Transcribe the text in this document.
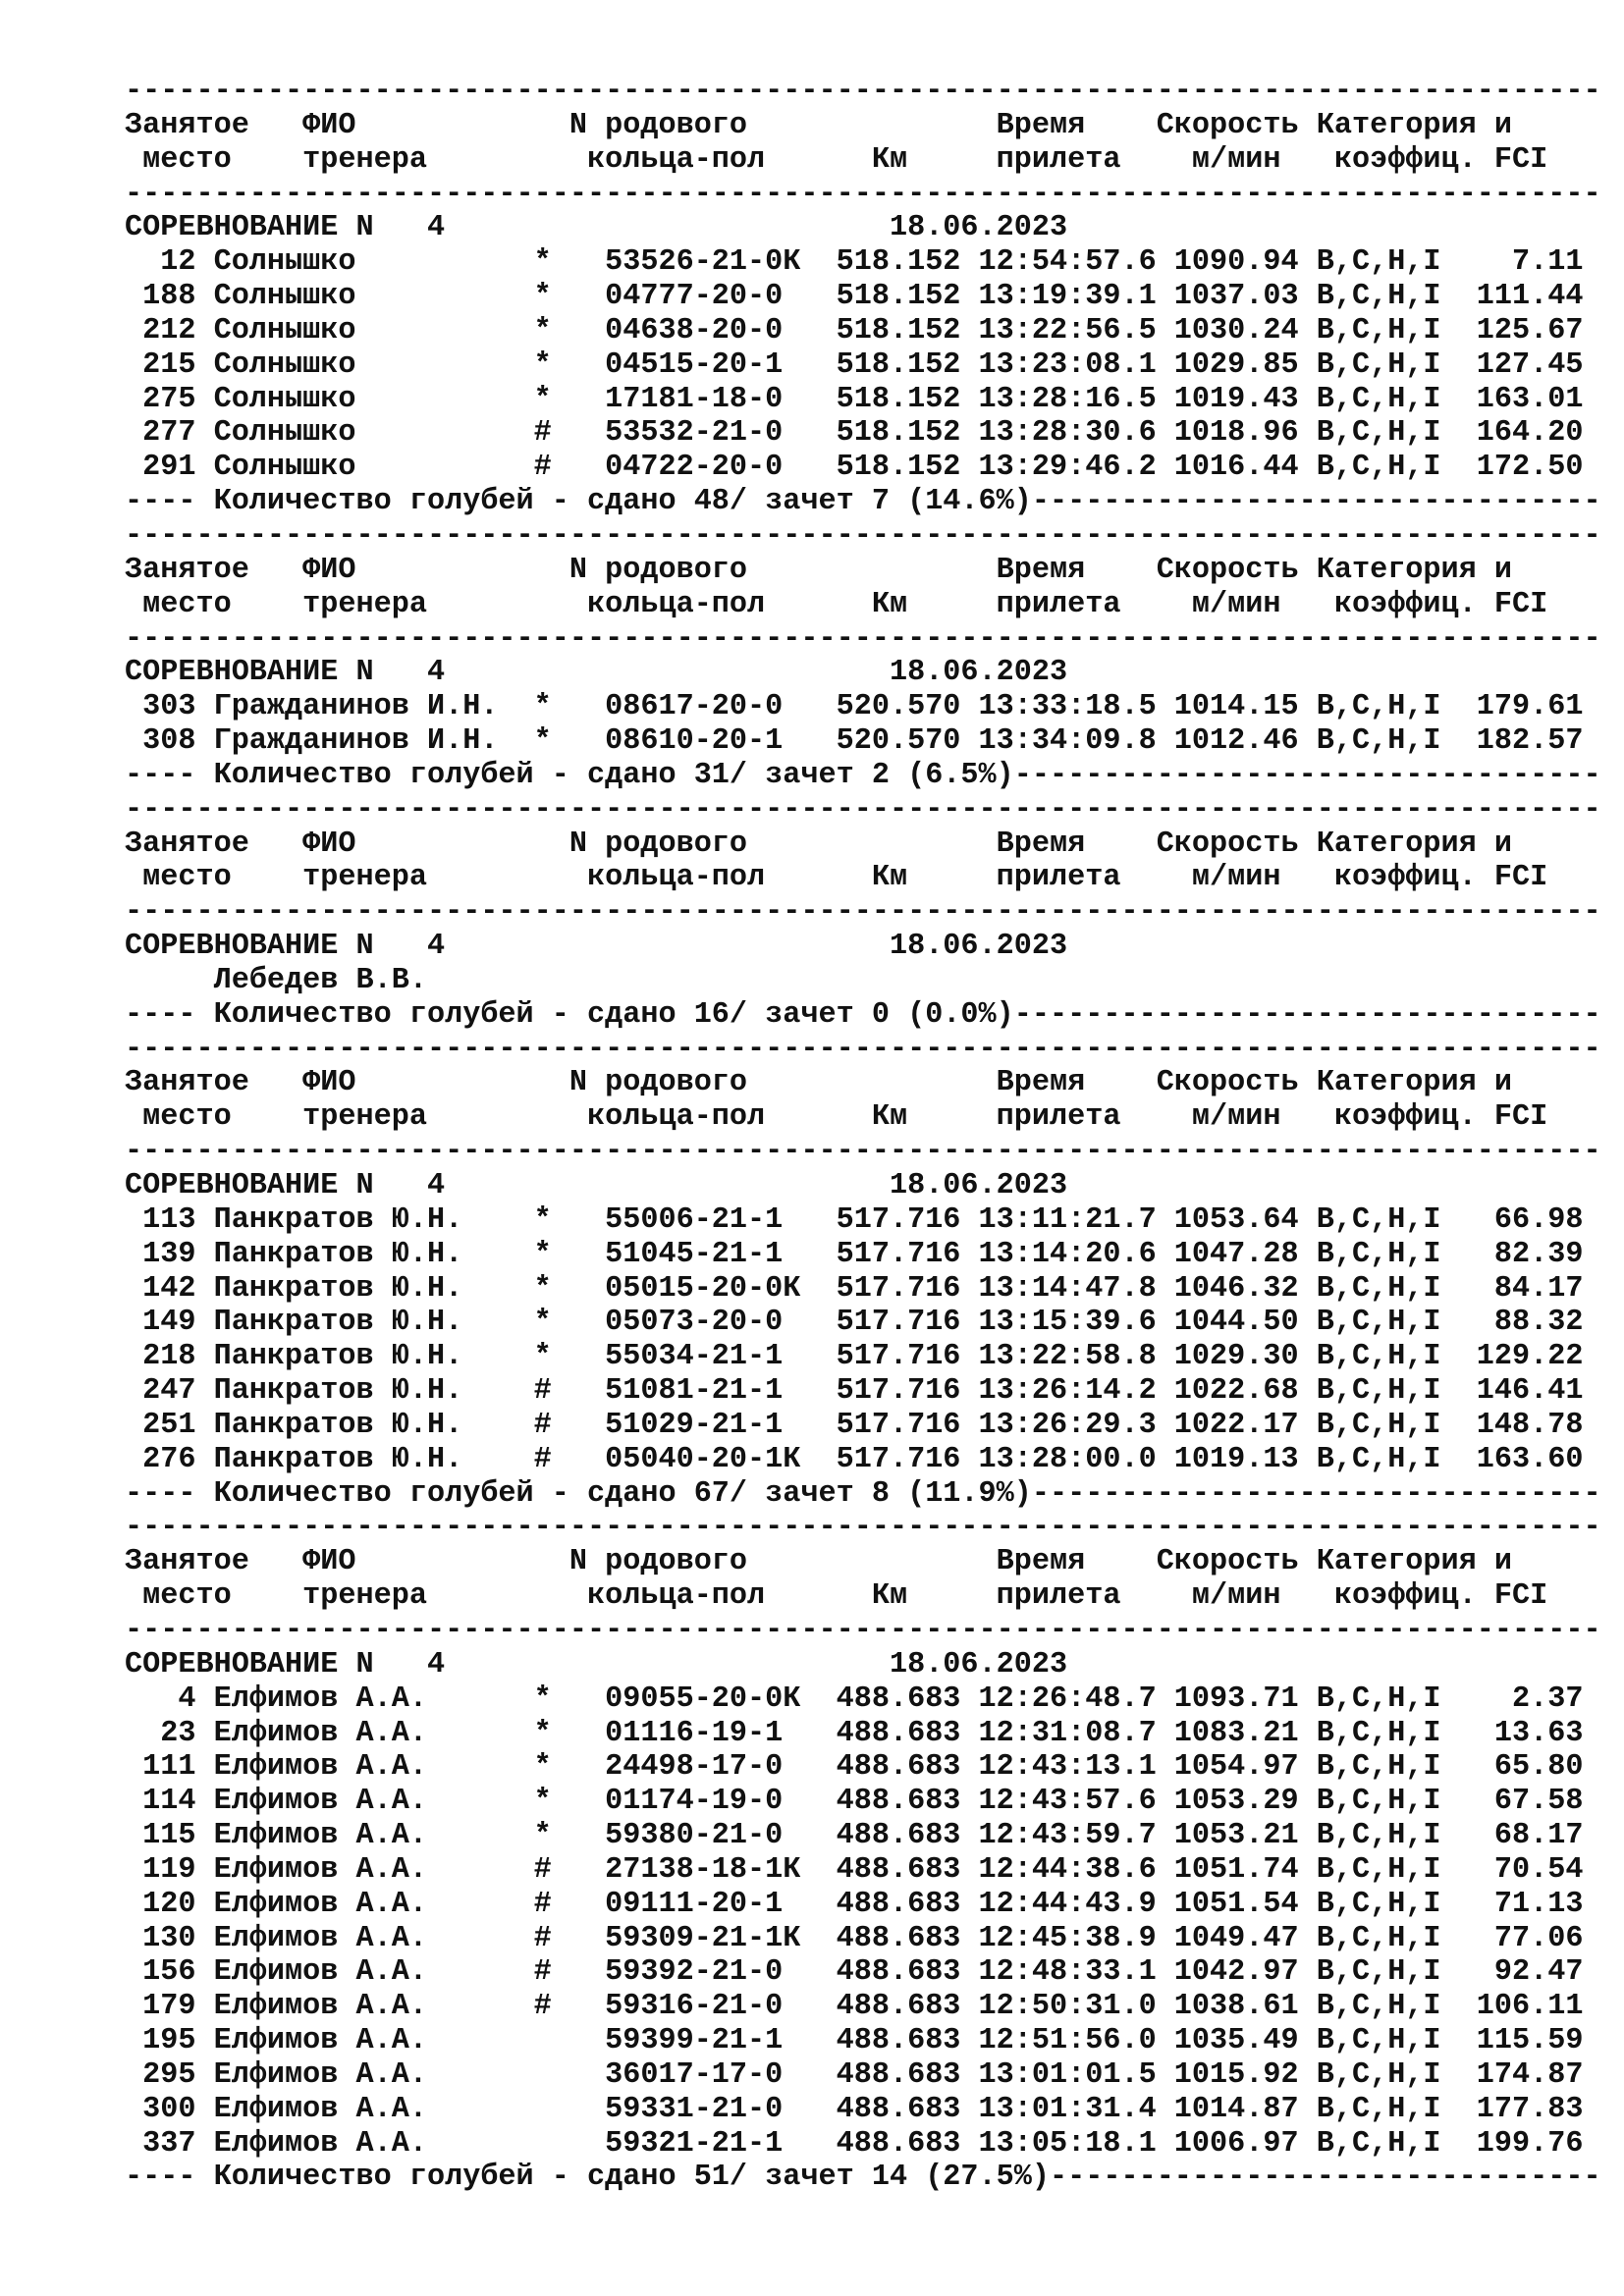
-----------------------------------------------------------------------------------
Занятое   ФИО            N родового              Время    Скорость Категория и
место    тренера         кольца-пол      Км     прилета    м/мин   коэффиц. FCI
-----------------------------------------------------------------------------------
СОРЕВНОВАНИЕ N   4                         18.06.2023
12 Солнышко          *   53526-21-0К  518.152 12:54:57.6 1090.94 B,C,H,I    7.11
188 Солнышко          *   04777-20-0   518.152 13:19:39.1 1037.03 B,C,H,I  111.44
212 Солнышко          *   04638-20-0   518.152 13:22:56.5 1030.24 B,C,H,I  125.67
215 Солнышко          *   04515-20-1   518.152 13:23:08.1 1029.85 B,C,H,I  127.45
275 Солнышко          *   17181-18-0   518.152 13:28:16.5 1019.43 B,C,H,I  163.01
277 Солнышко          #   53532-21-0   518.152 13:28:30.6 1018.96 B,C,H,I  164.20
291 Солнышко          #   04722-20-0   518.152 13:29:46.2 1016.44 B,C,H,I  172.50
---- Количество голубей - сдано 48/ зачет 7 (14.6%)--------------------------------
-----------------------------------------------------------------------------------
Занятое   ФИО            N родового              Время    Скорость Категория и
место    тренера         кольца-пол      Км     прилета    м/мин   коэффиц. FCI
-----------------------------------------------------------------------------------
СОРЕВНОВАНИЕ N   4                         18.06.2023
303 Гражданинов И.Н.  *   08617-20-0   520.570 13:33:18.5 1014.15 B,C,H,I  179.61
308 Гражданинов И.Н.  *   08610-20-1   520.570 13:34:09.8 1012.46 B,C,H,I  182.57
---- Количество голубей - сдано 31/ зачет 2 (6.5%)---------------------------------
-----------------------------------------------------------------------------------
Занятое   ФИО            N родового              Время    Скорость Категория и
место    тренера         кольца-пол      Км     прилета    м/мин   коэффиц. FCI
-----------------------------------------------------------------------------------
СОРЕВНОВАНИЕ N   4                         18.06.2023
Лебедев В.В.
---- Количество голубей - сдано 16/ зачет 0 (0.0%)---------------------------------
-----------------------------------------------------------------------------------
Занятое   ФИО            N родового              Время    Скорость Категория и
место    тренера         кольца-пол      Км     прилета    м/мин   коэффиц. FCI
-----------------------------------------------------------------------------------
СОРЕВНОВАНИЕ N   4                         18.06.2023
113 Панкратов Ю.Н.    *   55006-21-1   517.716 13:11:21.7 1053.64 B,C,H,I   66.98
139 Панкратов Ю.Н.    *   51045-21-1   517.716 13:14:20.6 1047.28 B,C,H,I   82.39
142 Панкратов Ю.Н.    *   05015-20-0К  517.716 13:14:47.8 1046.32 B,C,H,I   84.17
149 Панкратов Ю.Н.    *   05073-20-0   517.716 13:15:39.6 1044.50 B,C,H,I   88.32
218 Панкратов Ю.Н.    *   55034-21-1   517.716 13:22:58.8 1029.30 B,C,H,I  129.22
247 Панкратов Ю.Н.    #   51081-21-1   517.716 13:26:14.2 1022.68 B,C,H,I  146.41
251 Панкратов Ю.Н.    #   51029-21-1   517.716 13:26:29.3 1022.17 B,C,H,I  148.78
276 Панкратов Ю.Н.    #   05040-20-1К  517.716 13:28:00.0 1019.13 B,C,H,I  163.60
---- Количество голубей - сдано 67/ зачет 8 (11.9%)--------------------------------
-----------------------------------------------------------------------------------
Занятое   ФИО            N родового              Время    Скорость Категория и
место    тренера         кольца-пол      Км     прилета    м/мин   коэффиц. FCI
-----------------------------------------------------------------------------------
СОРЕВНОВАНИЕ N   4                         18.06.2023
4 Елфимов А.А.      *   09055-20-0К  488.683 12:26:48.7 1093.71 B,C,H,I    2.37
23 Елфимов А.А.      *   01116-19-1   488.683 12:31:08.7 1083.21 B,C,H,I   13.63
111 Елфимов А.А.      *   24498-17-0   488.683 12:43:13.1 1054.97 B,C,H,I   65.80
114 Елфимов А.А.      *   01174-19-0   488.683 12:43:57.6 1053.29 B,C,H,I   67.58
115 Елфимов А.А.      *   59380-21-0   488.683 12:43:59.7 1053.21 B,C,H,I   68.17
119 Елфимов А.А.      #   27138-18-1К  488.683 12:44:38.6 1051.74 B,C,H,I   70.54
120 Елфимов А.А.      #   09111-20-1   488.683 12:44:43.9 1051.54 B,C,H,I   71.13
130 Елфимов А.А.      #   59309-21-1К  488.683 12:45:38.9 1049.47 B,C,H,I   77.06
156 Елфимов А.А.      #   59392-21-0   488.683 12:48:33.1 1042.97 B,C,H,I   92.47
179 Елфимов А.А.      #   59316-21-0   488.683 12:50:31.0 1038.61 B,C,H,I  106.11
195 Елфимов А.А.          59399-21-1   488.683 12:51:56.0 1035.49 B,C,H,I  115.59
295 Елфимов А.А.          36017-17-0   488.683 13:01:01.5 1015.92 B,C,H,I  174.87
300 Елфимов А.А.          59331-21-0   488.683 13:01:31.4 1014.87 B,C,H,I  177.83
337 Елфимов А.А.          59321-21-1   488.683 13:05:18.1 1006.97 B,C,H,I  199.76
---- Количество голубей - сдано 51/ зачет 14 (27.5%)-------------------------------
